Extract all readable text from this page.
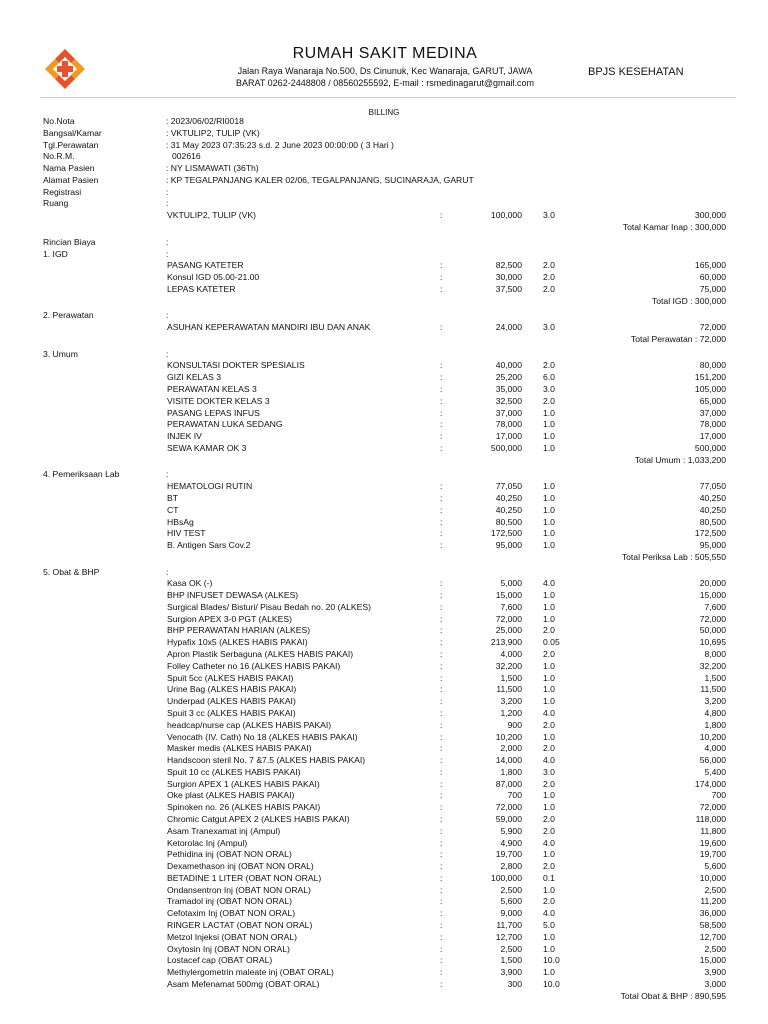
RUMAH SAKIT MEDINA
Jalan Raya Wanaraja No.500, Ds Cinunuk, Kec Wanaraja, GARUT, JAWA
BARAT 0262-2448808 / 08560255592, E-mail : rsmedinagarut@gmail.com
BPJS KESEHATAN
BILLING
No.Nota	: 2023/06/02/RI0018
Bangsal/Kamar	: VKTULIP2, TULIP (VK)
Tgl.Perawatan	: 31 May 2023 07:35:23 s.d. 2 June 2023 00:00:00 ( 3 Hari )
No.R.M.	002616
Nama Pasien	: NY LISMAWATI (36Th)
Alamat Pasien	: KP TEGALPANJANG KALER 02/06, TEGALPANJANG, SUCINARAJA, GARUT
Registrasi	:
Ruang	:
VKTULIP2, TULIP (VK)	:	100,000 3.0	300,000
Total Kamar Inap : 300,000
Rincian Biaya	:
1. IGD	:
PASANG KATETER	:	82,500 2.0	165,000
Konsul IGD 05.00-21.00	:	30,000 2.0	60,000
LEPAS KATETER	:	37,500 2.0	75,000
Total IGD : 300,000
2. Perawatan	:
ASUHAN KEPERAWATAN MANDIRI IBU DAN ANAK	:	24,000 3.0	72,000
Total Perawatan : 72,000
3. Umum	:
KONSULTASI DOKTER SPESIALIS	:	40,000 2.0	80,000
GIZI KELAS 3	:	25,200 6.0	151,200
PERAWATAN KELAS 3	:	35,000 3.0	105,000
VISITE DOKTER KELAS 3	:	32,500 2.0	65,000
PASANG LEPAS INFUS	:	37,000 1.0	37,000
PERAWATAN LUKA SEDANG	:	78,000 1.0	78,000
INJEK IV	:	17,000 1.0	17,000
SEWA KAMAR OK 3	:	500,000 1.0	500,000
Total Umum : 1,033,200
4. Pemeriksaan Lab	:
HEMATOLOGI RUTIN	:	77,050 1.0	77,050
BT	:	40,250 1.0	40,250
CT	:	40,250 1.0	40,250
HBsAg	:	80,500 1.0	80,500
HIV TEST	:	172,500 1.0	172,500
B. Antigen Sars Cov.2	:	95,000 1.0	95,000
Total Periksa Lab : 505,550
5. Obat & BHP	:
Kasa OK (-)	:	5,000 4.0	20,000
BHP INFUSET DEWASA (ALKES)	:	15,000 1.0	15,000
Surgical Blades/ Bisturi/ Pisau Bedah no. 20 (ALKES)	:	7,600 1.0	7,600
Surgion APEX 3-0 PGT (ALKES)	:	72,000 1.0	72,000
BHP PERAWATAN HARIAN (ALKES)	:	25,000 2.0	50,000
Hypafix 10x5 (ALKES HABIS PAKAI)	:	213,900 0.05	10,695
Apron Plastik Serbaguna (ALKES HABIS PAKAI)	:	4,000 2.0	8,000
Folley Catheter no 16 (ALKES HABIS PAKAI)	:	32,200 1.0	32,200
Spuit 5cc (ALKES HABIS PAKAI)	:	1,500 1.0	1,500
Urine Bag (ALKES HABIS PAKAI)	:	11,500 1.0	11,500
Underpad (ALKES HABIS PAKAI)	:	3,200 1.0	3,200
Spuit 3 cc (ALKES HABIS PAKAI)	:	1,200 4.0	4,800
headcap/nurse cap (ALKES HABIS PAKAI)	:	900 2.0	1,800
Venocath (IV. Cath) No 18 (ALKES HABIS PAKAI)	:	10,200 1.0	10,200
Masker medis (ALKES HABIS PAKAI)	:	2,000 2.0	4,000
Handscoon steril No. 7 &7.5 (ALKES HABIS PAKAI)	:	14,000 4.0	56,000
Spuit 10 cc (ALKES HABIS PAKAI)	:	1,800 3.0	5,400
Surgion APEX 1 (ALKES HABIS PAKAI)	:	87,000 2.0	174,000
Oke plast (ALKES HABIS PAKAI)	:	700 1.0	700
Spinoken no. 26 (ALKES HABIS PAKAI)	:	72,000 1.0	72,000
Chromic Catgut APEX 2 (ALKES HABIS PAKAI)	:	59,000 2.0	118,000
Asam Tranexamat inj (Ampul)	:	5,900 2.0	11,800
Ketorolac Inj (Ampul)	:	4,900 4.0	19,600
Pethidina inj (OBAT NON ORAL)	:	19,700 1.0	19,700
Dexamethason inj (OBAT NON ORAL)	:	2,800 2.0	5,600
BETADINE 1 LITER (OBAT NON ORAL)	:	100,000 0.1	10,000
Ondansentron Inj (OBAT NON ORAL)	:	2,500 1.0	2,500
Tramadol inj (OBAT NON ORAL)	:	5,600 2.0	11,200
Cefotaxim Inj (OBAT NON ORAL)	:	9,000 4.0	36,000
RINGER LACTAT (OBAT NON ORAL)	:	11,700 5.0	58,500
Metzol Injeksi (OBAT NON ORAL)	:	12,700 1.0	12,700
Oxytosin Inj (OBAT NON ORAL)	:	2,500 1.0	2,500
Lostacef cap (OBAT ORAL)	:	1,500 10.0	15,000
Methylergometrin maleate inj (OBAT ORAL)	:	3,900 1.0	3,900
Asam Mefenamat 500mg (OBAT ORAL)	:	300 10.0	3,000
Total Obat & BHP : 890,595
